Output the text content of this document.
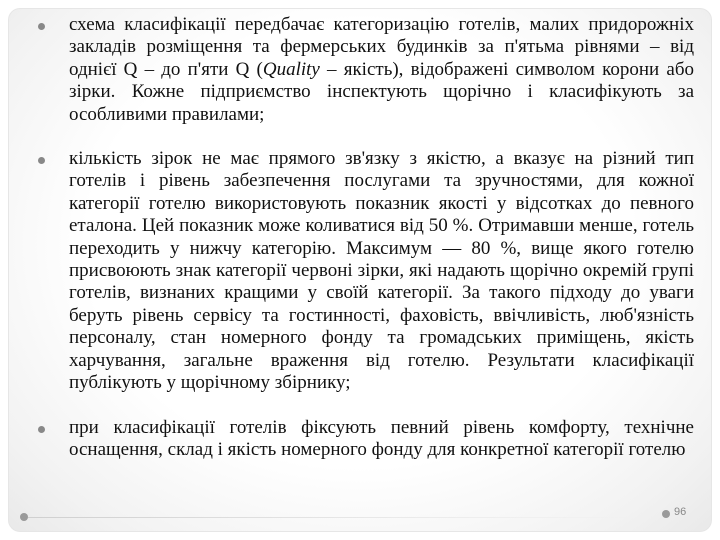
схема класифікації передбачає категоризацію готелів, малих придорожніх закладів розміщення та фермерських будинків за п'ятьма рівнями – від однієї Q – до п'яти Q (Quality – якість), відображені символом корони або зірки. Кожне підприємство інспектують щорічно і класифікують за особливими правилами;
кількість зірок не має прямого зв'язку з якістю, а вказує на різний тип готелів і рівень забезпечення послугами та зручностями, для кожної категорії готелю використовують показник якості у відсотках до певного еталона. Цей показник може коливатися від 50 %. Отримавши менше, готель переходить у нижчу категорію. Максимум — 80 %, вище якого готелю присвоюють знак категорії червоні зірки, які надають щорічно окремій групі готелів, визнаних кращими у своїй категорії. За такого підходу до уваги беруть рівень сервісу та гостинності, фаховість, ввічливість, люб'язність персоналу, стан номерного фонду та громадських приміщень, якість харчування, загальне враження від готелю. Результати класифікації публікують у щорічному збірнику;
при класифікації готелів фіксують певний рівень комфорту, технічне оснащення, склад і якість номерного фонду для конкретної категорії готелю
96
